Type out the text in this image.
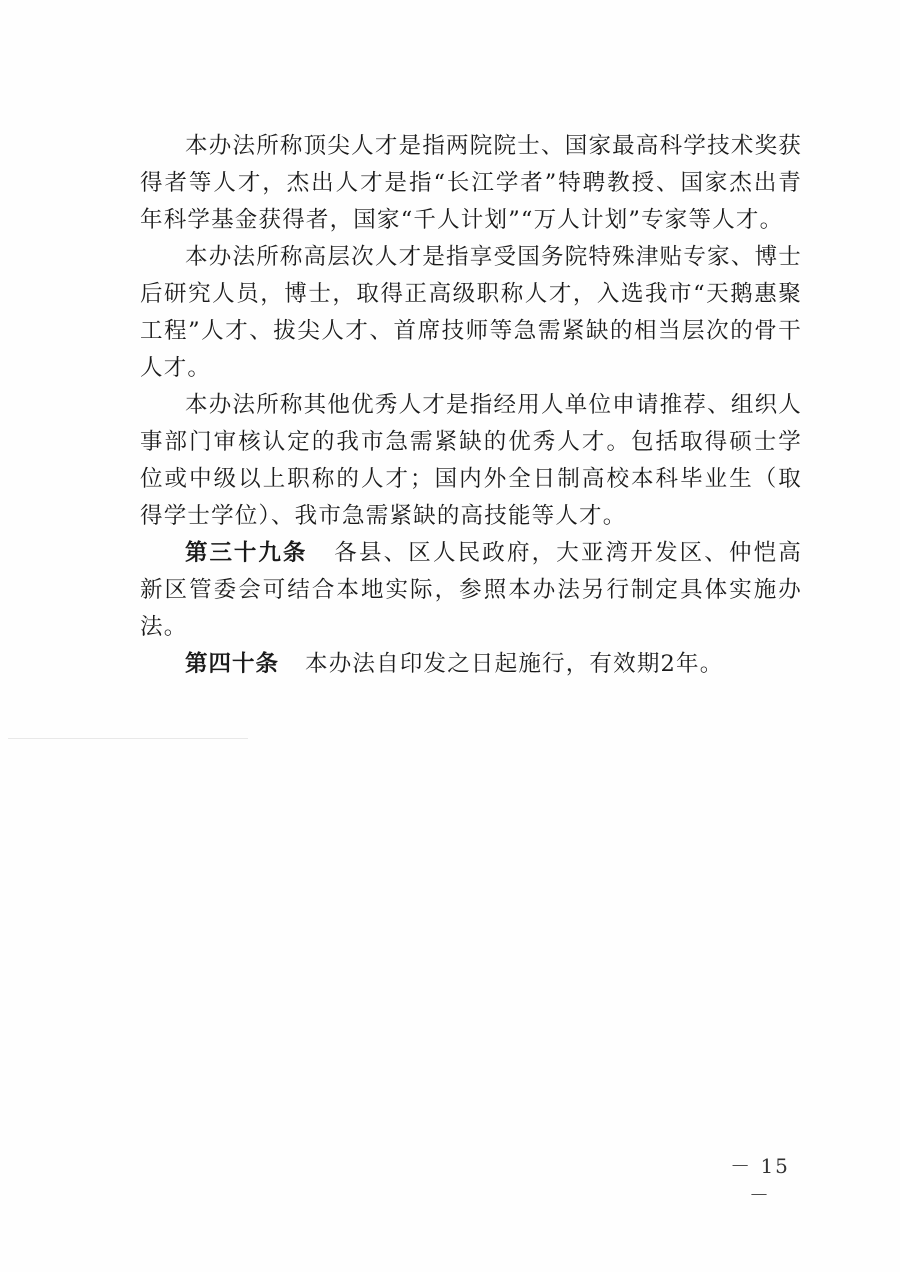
本办法所称顶尖人才是指两院院士、国家最高科学技术奖获得者等人才，杰出人才是指“长江学者”特聘教授、国家杰出青年科学基金获得者，国家“千人计划”“万人计划”专家等人才。

本办法所称高层次人才是指享受国务院特殊津贴专家、博士后研究人员，博士，取得正高级职称人才，入选我市“天鹅惠聚工程”人才、拔尖人才、首席技师等急需紧缺的相当层次的骨干人才。

本办法所称其他优秀人才是指经用人单位申请推荐、组织人事部门审核认定的我市急需紧缺的优秀人才。包括取得硕士学位或中级以上职称的人才；国内外全日制高校本科毕业生（取得学士学位）、我市急需紧缺的高技能等人才。

第三十九条 各县、区人民政府，大亚湾开发区、仲恺高新区管委会可结合本地实际，参照本办法另行制定具体实施办法。

第四十条 本办法自印发之日起施行，有效期2年。

－ 15 －
